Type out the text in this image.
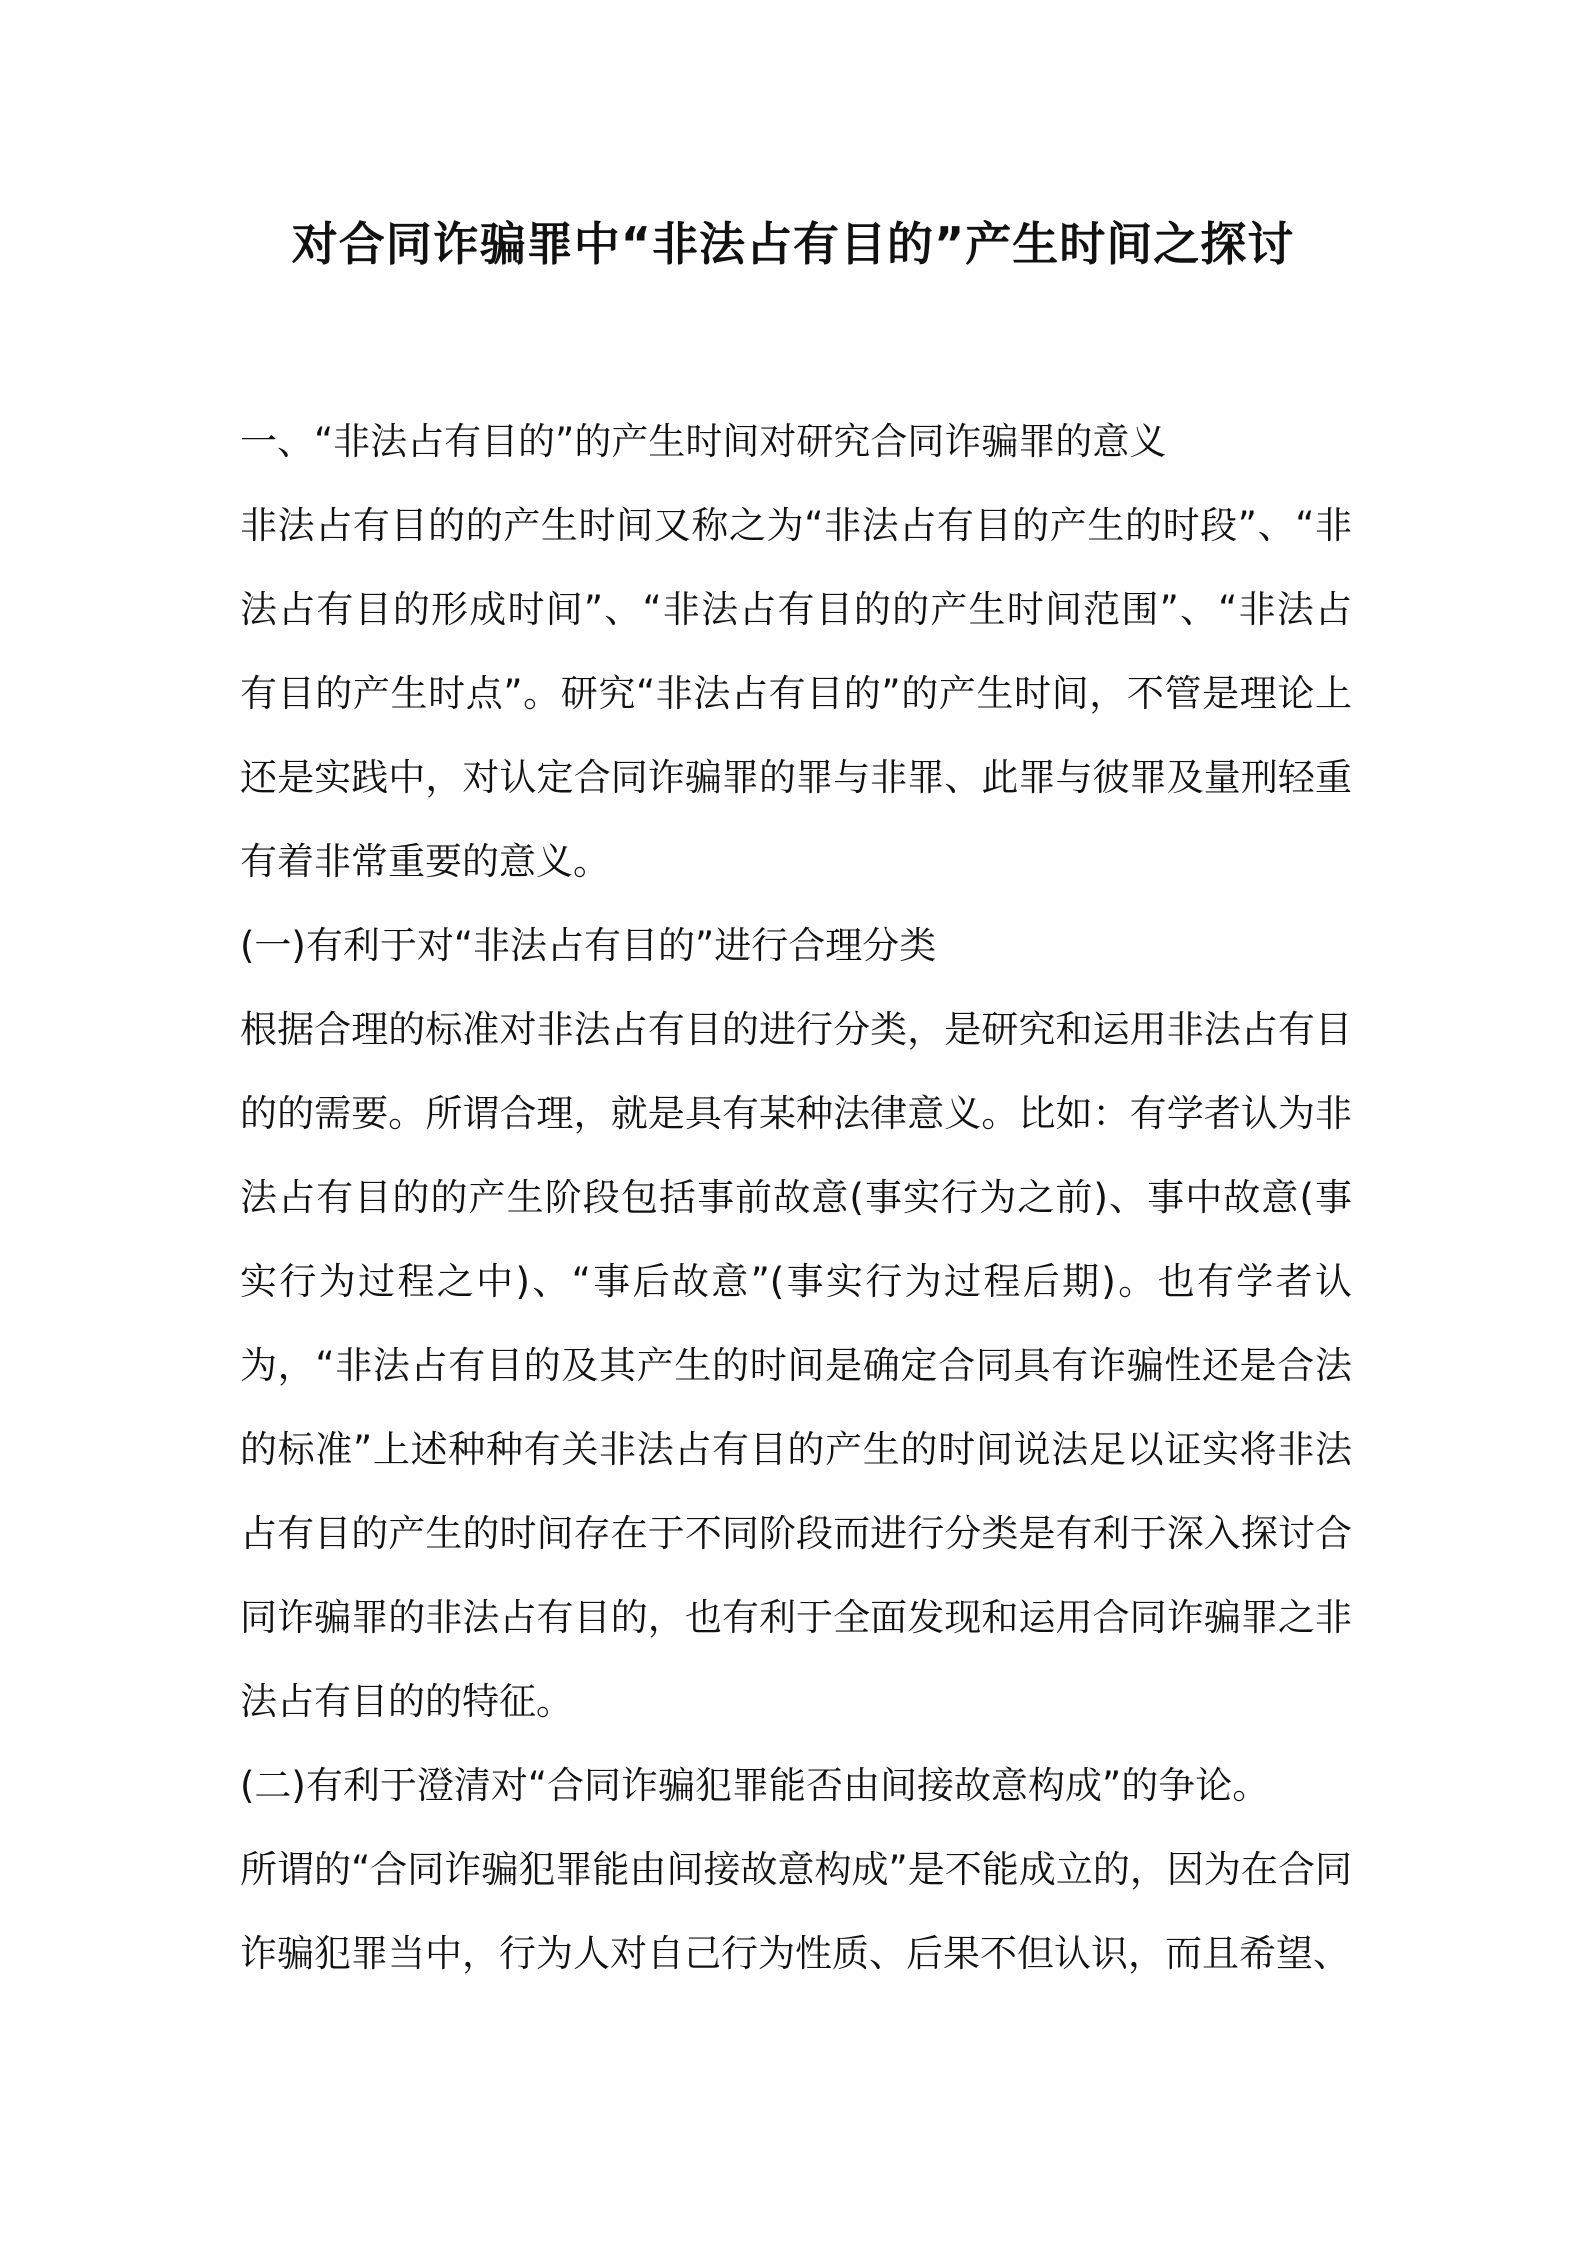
对合同诈骗罪中“非法占有目的”产生时间之探讨

一、“非法占有目的”的产生时间对研究合同诈骗罪的意义

非法占有目的的产生时间又称之为“非法占有目的产生的时段”、“非法占有目的形成时间”、“非法占有目的的产生时间范围”、“非法占有目的产生时点”。研究“非法占有目的”的产生时间，不管是理论上还是实践中，对认定合同诈骗罪的罪与非罪、此罪与彼罪及量刑轻重有着非常重要的意义。

(一)有利于对“非法占有目的”进行合理分类

根据合理的标准对非法占有目的进行分类，是研究和运用非法占有目的的需要。所谓合理，就是具有某种法律意义。比如：有学者认为非法占有目的的产生阶段包括事前故意(事实行为之前)、事中故意(事实行为过程之中)、“事后故意”(事实行为过程后期)。也有学者认为，“非法占有目的及其产生的时间是确定合同具有诈骗性还是合法的标准”上述种种有关非法占有目的产生的时间说法足以证实将非法占有目的产生的时间存在于不同阶段而进行分类是有利于深入探讨合同诈骗罪的非法占有目的，也有利于全面发现和运用合同诈骗罪之非法占有目的的特征。

(二)有利于澄清对“合同诈骗犯罪能否由间接故意构成”的争论。

所谓的“合同诈骗犯罪能由间接故意构成”是不能成立的，因为在合同诈骗犯罪当中，行为人对自己行为性质、后果不但认识，而且希望、
